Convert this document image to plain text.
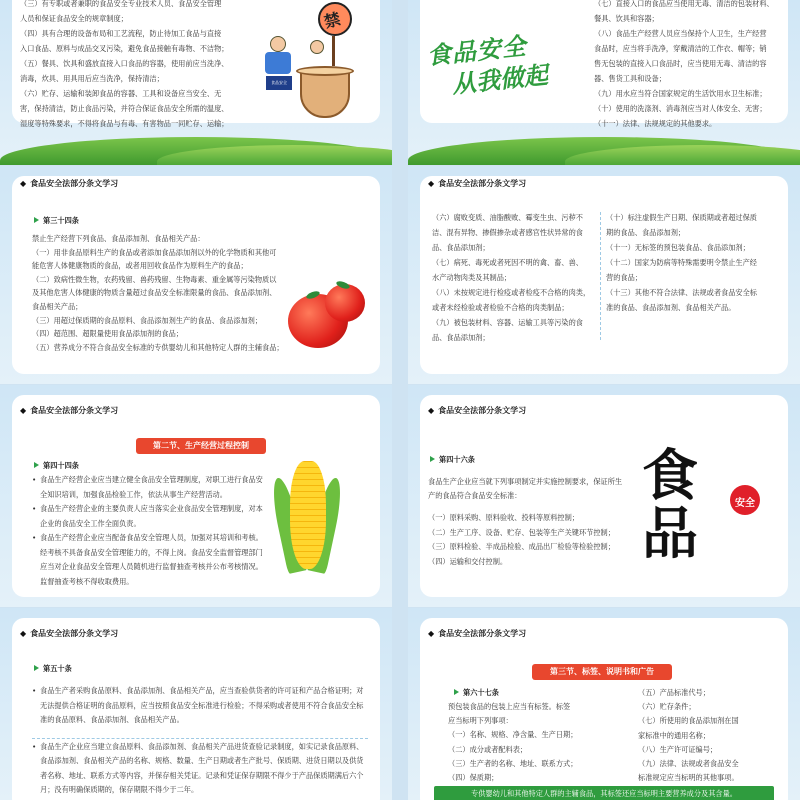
（三）有专职或者兼职的食品安全专业技术人员、食品安全管理

人员和保证食品安全的规章制度；

（四）具有合理的设备布局和工艺流程，防止待加工食品与直接

入口食品、原料与成品交叉污染，避免食品接触有毒物、不洁物；

（五）餐具、饮具和盛放直接入口食品的容器，使用前应当洗净、

消毒，炊具、用具用后应当洗净，保持清洁；

（六）贮存、运输和装卸食品的容器、工具和设备应当安全、无

害，保持清洁，防止食品污染，并符合保证食品安全所需的温度、

湿度等特殊要求，不得将食品与有毒、有害物品一同贮存、运输；

禁
食品安全
食品安全
从我做起

（七）直接入口的食品应当使用无毒、清洁的包装材料、

餐具、饮具和容器；

（八）食品生产经营人员应当保持个人卫生，生产经营

食品时，应当将手洗净，穿戴清洁的工作衣、帽等；销

售无包装的直接入口食品时，应当使用无毒、清洁的容

器、售货工具和设备；

（九）用水应当符合国家规定的生活饮用水卫生标准；

（十）使用的洗涤剂、消毒剂应当对人体安全、无害；

（十一）法律、法规规定的其他要求。

◆ 食品安全法部分条文学习
第三十四条

禁止生产经营下列食品、食品添加剂、食品相关产品：

（一）用非食品原料生产的食品或者添加食品添加剂以外的化学物质和其他可

能危害人体健康物质的食品，或者用回收食品作为原料生产的食品；

（二）致病性微生物，农药残留、兽药残留、生物毒素、重金属等污染物质以

及其他危害人体健康的物质含量超过食品安全标准限量的食品、食品添加剂、

食品相关产品；

（三）用超过保质期的食品原料、食品添加剂生产的食品、食品添加剂；

（四）超范围、超限量使用食品添加剂的食品；

（五）营养成分不符合食品安全标准的专供婴幼儿和其他特定人群的主辅食品；

◆ 食品安全法部分条文学习

（六）腐败变质、油脂酸败、霉变生虫、污秽不

洁、混有异物、掺假掺杂或者感官性状异常的食

品、食品添加剂；

（七）病死、毒死或者死因不明的禽、畜、兽、

水产动物肉类及其制品；

（八）未按规定进行检疫或者检疫不合格的肉类，

或者未经检验或者检验不合格的肉类制品；

（九）被包装材料、容器、运输工具等污染的食

品、食品添加剂；

（十）标注虚假生产日期、保质期或者超过保质

期的食品、食品添加剂；

（十一）无标签的预包装食品、食品添加剂；

（十二）国家为防病等特殊需要明令禁止生产经

营的食品；

（十三）其他不符合法律、法规或者食品安全标

准的食品、食品添加剂、食品相关产品。

◆ 食品安全法部分条文学习
第二节、生产经营过程控制
第四十四条
• 食品生产经营企业应当建立健全食品安全管理制度，对职工进行食品安全知识培训，加强食品检验工作，依法从事生产经营活动。
• 食品生产经营企业的主要负责人应当落实企业食品安全管理制度，对本企业的食品安全工作全面负责。
• 食品生产经营企业应当配备食品安全管理人员，加强对其培训和考核。经考核不具备食品安全管理能力的，不得上岗。食品安全监督管理部门应当对企业食品安全管理人员随机进行监督抽查考核并公布考核情况。监督抽查考核不得收取费用。
◆ 食品安全法部分条文学习
第四十六条
食品生产企业应当就下列事项制定并实施控制要求，保证所生产的食品符合食品安全标准：

（一）原料采购、原料验收、投料等原料控制；

（二）生产工序、设备、贮存、包装等生产关键环节控制；

（三）原料检验、半成品检验、成品出厂检验等检验控制；

（四）运输和交付控制。

食品	安全
◆ 食品安全法部分条文学习
第五十条
• 食品生产者采购食品原料、食品添加剂、食品相关产品，应当查验供货者的许可证和产品合格证明；对无法提供合格证明的食品原料，应当按照食品安全标准进行检验；不得采购或者使用不符合食品安全标准的食品原料、食品添加剂、食品相关产品。
• 食品生产企业应当建立食品原料、食品添加剂、食品相关产品进货查验记录制度，如实记录食品原料、食品添加剂、食品相关产品的名称、规格、数量、生产日期或者生产批号、保质期、进货日期以及供货者名称、地址、联系方式等内容，并保存相关凭证。记录和凭证保存期限不得少于产品保质期满后六个月；没有明确保质期的，保存期限不得少于二年。
◆ 食品安全法部分条文学习
第三节、标签、说明书和广告
第六十七条

预包装食品的包装上应当有标签。标签

应当标明下列事项：

（一）名称、规格、净含量、生产日期；

（二）成分或者配料表；

（三）生产者的名称、地址、联系方式；

（四）保质期；

（五）产品标准代号；

（六）贮存条件；

（七）所使用的食品添加剂在国

家标准中的通用名称；

（八）生产许可证编号；

（九）法律、法规或者食品安全

标准规定应当标明的其他事项。

专供婴幼儿和其他特定人群的主辅食品，其标签还应当标明主要营养成分及其含量。
